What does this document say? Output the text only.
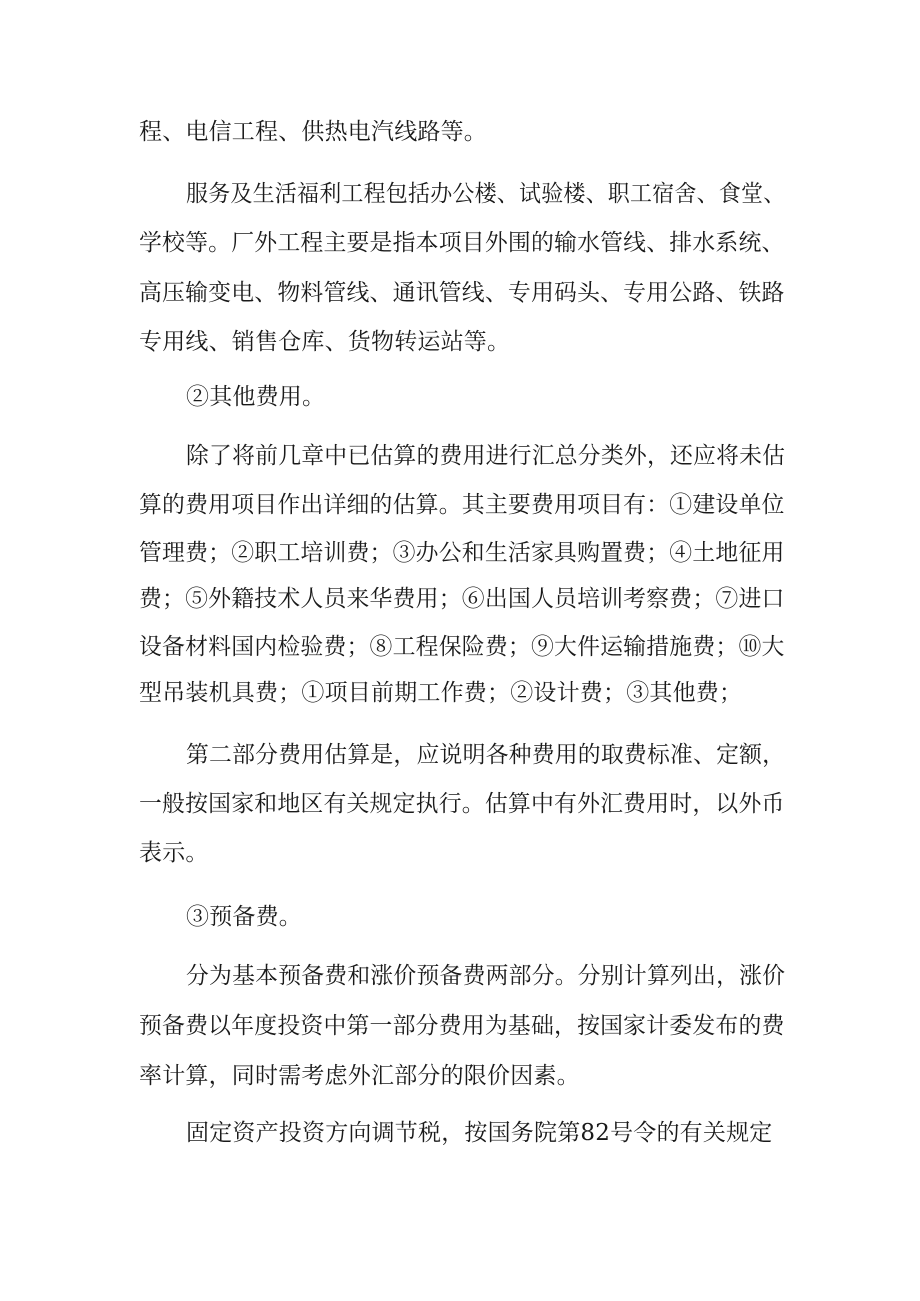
程、电信工程、供热电汽线路等。
服务及生活福利工程包括办公楼、试验楼、职工宿舍、食堂、
学校等。厂外工程主要是指本项目外围的输水管线、排水系统、
高压输变电、物料管线、通讯管线、专用码头、专用公路、铁路
专用线、销售仓库、货物转运站等。
②其他费用。
除了将前几章中已估算的费用进行汇总分类外，还应将未估
算的费用项目作出详细的估算。其主要费用项目有：①建设单位
管理费；②职工培训费；③办公和生活家具购置费；④土地征用
费；⑤外籍技术人员来华费用；⑥出国人员培训考察费；⑦进口
设备材料国内检验费；⑧工程保险费；⑨大件运输措施费；⑩大
型吊装机具费；①项目前期工作费；②设计费；③其他费；
第二部分费用估算是，应说明各种费用的取费标准、定额，
一般按国家和地区有关规定执行。估算中有外汇费用时，以外币
表示。
③预备费。
分为基本预备费和涨价预备费两部分。分别计算列出，涨价
预备费以年度投资中第一部分费用为基础，按国家计委发布的费
率计算，同时需考虑外汇部分的限价因素。
固定资产投资方向调节税，按国务院第82号令的有关规定
